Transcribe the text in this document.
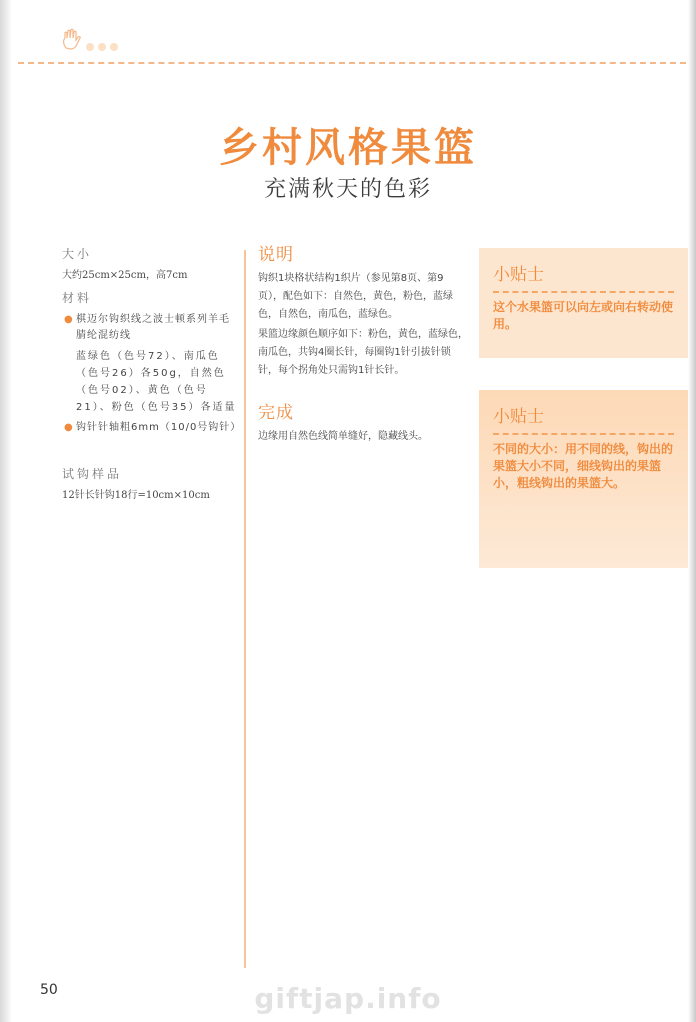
乡村风格果篮
充满秋天的色彩
大小
大约25cm×25cm，高7cm
材料
● 棋迈尔钩织线之波士顿系列羊毛腈纶混纺线
蓝绿色（色号72）、南瓜色（色号26）各50g，自然色（色号02）、黄色（色号21）、粉色（色号35）各适量
● 钩针针轴粗6mm（10/0号钩针）
试钩样品
12针长针钩18行=10cm×10cm
说明

钩织1块格状结构1织片（参见第8页、第9页），配色如下：自然色，黄色，粉色，蓝绿色，自然色，南瓜色，蓝绿色。

果篮边缘颜色顺序如下：粉色，黄色，蓝绿色，南瓜色，共钩4圈长针，每圈钩1针引拔针锁针，每个拐角处只需钩1针长针。

完成

边缘用自然色线简单缝好，隐藏线头。

小贴士
这个水果篮可以向左或向右转动使用。
小贴士
不同的大小：用不同的线，钩出的果篮大小不同，细线钩出的果篮小，粗线钩出的果篮大。
50	giftjap.info
